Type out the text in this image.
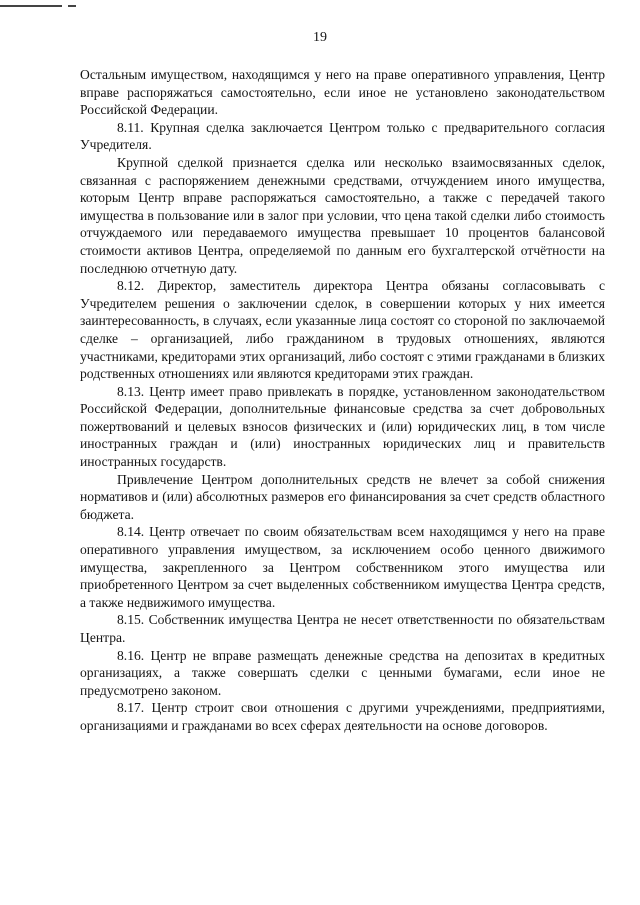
19

Остальным имуществом, находящимся у него на праве оперативного управления, Центр вправе распоряжаться самостоятельно, если иное не установлено законодательством Российской Федерации.

8.11. Крупная сделка заключается Центром только с предварительного согласия Учредителя.

Крупной сделкой признается сделка или несколько взаимосвязанных сделок, связанная с распоряжением денежными средствами, отчуждением иного имущества, которым Центр вправе распоряжаться самостоятельно, а также с передачей такого имущества в пользование или в залог при условии, что цена такой сделки либо стоимость отчуждаемого или передаваемого имущества превышает 10 процентов балансовой стоимости активов Центра, определяемой по данным его бухгалтерской отчётности на последнюю отчетную дату.

8.12. Директор, заместитель директора Центра обязаны согласовывать с Учредителем решения о заключении сделок, в совершении которых у них имеется заинтересованность, в случаях, если указанные лица состоят со стороной по заключаемой сделке – организацией, либо гражданином в трудовых отношениях, являются участниками, кредиторами этих организаций, либо состоят с этими гражданами в близких родственных отношениях или являются кредиторами этих граждан.

8.13. Центр имеет право привлекать в порядке, установленном законодательством Российской Федерации, дополнительные финансовые средства за счет добровольных пожертвований и целевых взносов физических и (или) юридических лиц, в том числе иностранных граждан и (или) иностранных юридических лиц и правительств иностранных государств.

Привлечение Центром дополнительных средств не влечет за собой снижения нормативов и (или) абсолютных размеров его финансирования за счет средств областного бюджета.

8.14. Центр отвечает по своим обязательствам всем находящимся у него на праве оперативного управления имуществом, за исключением особо ценного движимого имущества, закрепленного за Центром собственником этого имущества или приобретенного Центром за счет выделенных собственником имущества Центра средств, а также недвижимого имущества.

8.15. Собственник имущества Центра не несет ответственности по обязательствам Центра.

8.16. Центр не вправе размещать денежные средства на депозитах в кредитных организациях, а также совершать сделки с ценными бумагами, если иное не предусмотрено законом.

8.17. Центр строит свои отношения с другими учреждениями, предприятиями, организациями и гражданами во всех сферах деятельности на основе договоров.
